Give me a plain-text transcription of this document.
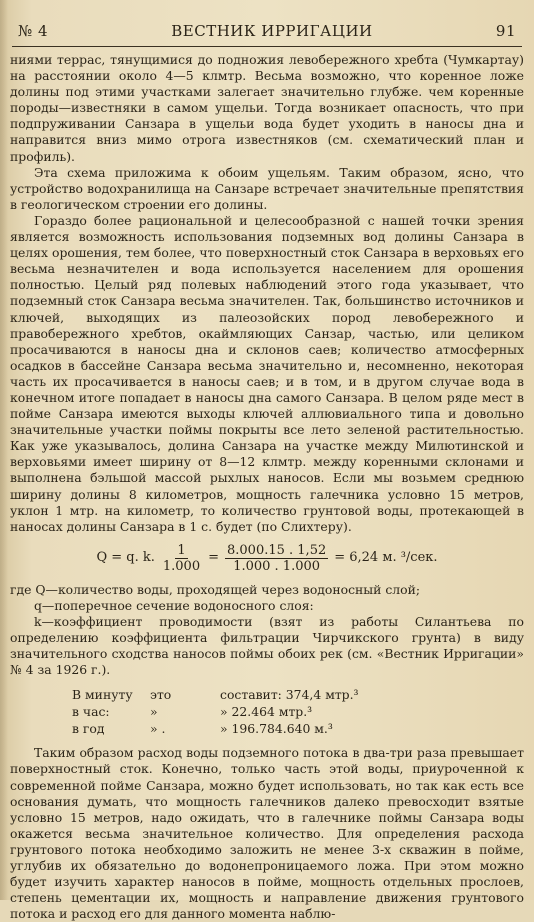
№ 4	ВЕСТНИК ИРРИГАЦИИ	91

ниями террас, тянущимися до подножия левобережного хребта (Чумкартау) на расстоянии около 4—5 клмтр. Весьма возможно, что коренное ложе долины под этими участками залегает значительно глубже. чем коренные породы—известняки в самом ущельи. Тогда возникает опасность, что при подпруживании Санзара в ущельи вода будет уходить в наносы дна и направится вниз мимо отрога известняков (см. схематический план и профиль).

Эта схема приложима к обоим ущельям. Таким образом, ясно, что устройство водохранилища на Санзаре встречает значительные препятствия в геологическом строении его долины.

Гораздо более рациональной и целесообразной с нашей точки зрения является возможность использования подземных вод долины Санзара в целях орошения, тем более, что поверхностный сток Санзара в верховьях его весьма незначителен и вода используется населением для орошения полностью. Целый ряд полевых наблюдений этого года указывает, что подземный сток Санзара весьма значителен. Так, большинство источников и ключей, выходящих из палеозойских пород левобережного и правобережного хребтов, окаймляющих Санзар, частью, или целиком просачиваются в наносы дна и склонов саев; количество атмосферных осадков в бассейне Санзара весьма значительно и, несомненно, некоторая часть их просачивается в наносы саев; и в том, и в другом случае вода в конечном итоге попадает в наносы дна самого Санзара. В целом ряде мест в пойме Санзара имеются выходы ключей аллювиального типа и довольно значительные участки поймы покрыты все лето зеленой растительностью. Как уже указывалось, долина Санзара на участке между Милютинской и верховьями имеет ширину от 8—12 клмтр. между коренными склонами и выполнена бэльшой массой рыхлых наносов. Если мы возьмем среднюю ширину долины 8 километров, мощность галечника условно 15 метров, уклон 1 мтр. на километр, то количество грунтовой воды, протекающей в наносах долины Санзара в 1 с. будет (по Слихтеру).

Q = q. k. $\frac{1}{1.000} = \frac{8.000.15 . 1,52}{1.000 . 1.000} = 6,24$ м. ³/сек.

где Q—количество воды, проходящей через водоносный слой;

q—поперечное сечение водоносного слоя:

k—коэффициент проводимости (взят из работы Силантьева по определению коэффициента фильтрации Чирчикского грунта) в виду значительного сходства наносов поймы обоих рек (см. «Вестник Ирригации» № 4 за 1926 г.).

В минуту	это	составит: 374,4 мтр.³
в час:	»	» 22.464 мтр.³
в год	» .	» 196.784.640 м.³

Таким образом расход воды подземного потока в два-три раза превышает поверхностный сток. Конечно, только часть этой воды, приуроченной к современной пойме Санзара, можно будет использовать, но так как есть все основания думать, что мощность галечников далеко превосходит взятые условно 15 метров, надо ожидать, что в галечнике поймы Санзара воды окажется весьма значительное количество. Для определения расхода грунтового потока необходимо заложить не менее 3-х скважин в пойме, углубив их обязательно до водонепроницаемого ложа. При этом можно будет изучить характер наносов в пойме, мощность отдельных прослоев, степень цементации их, мощность и направление движения грунтового потока и расход его для данного момента наблю-
